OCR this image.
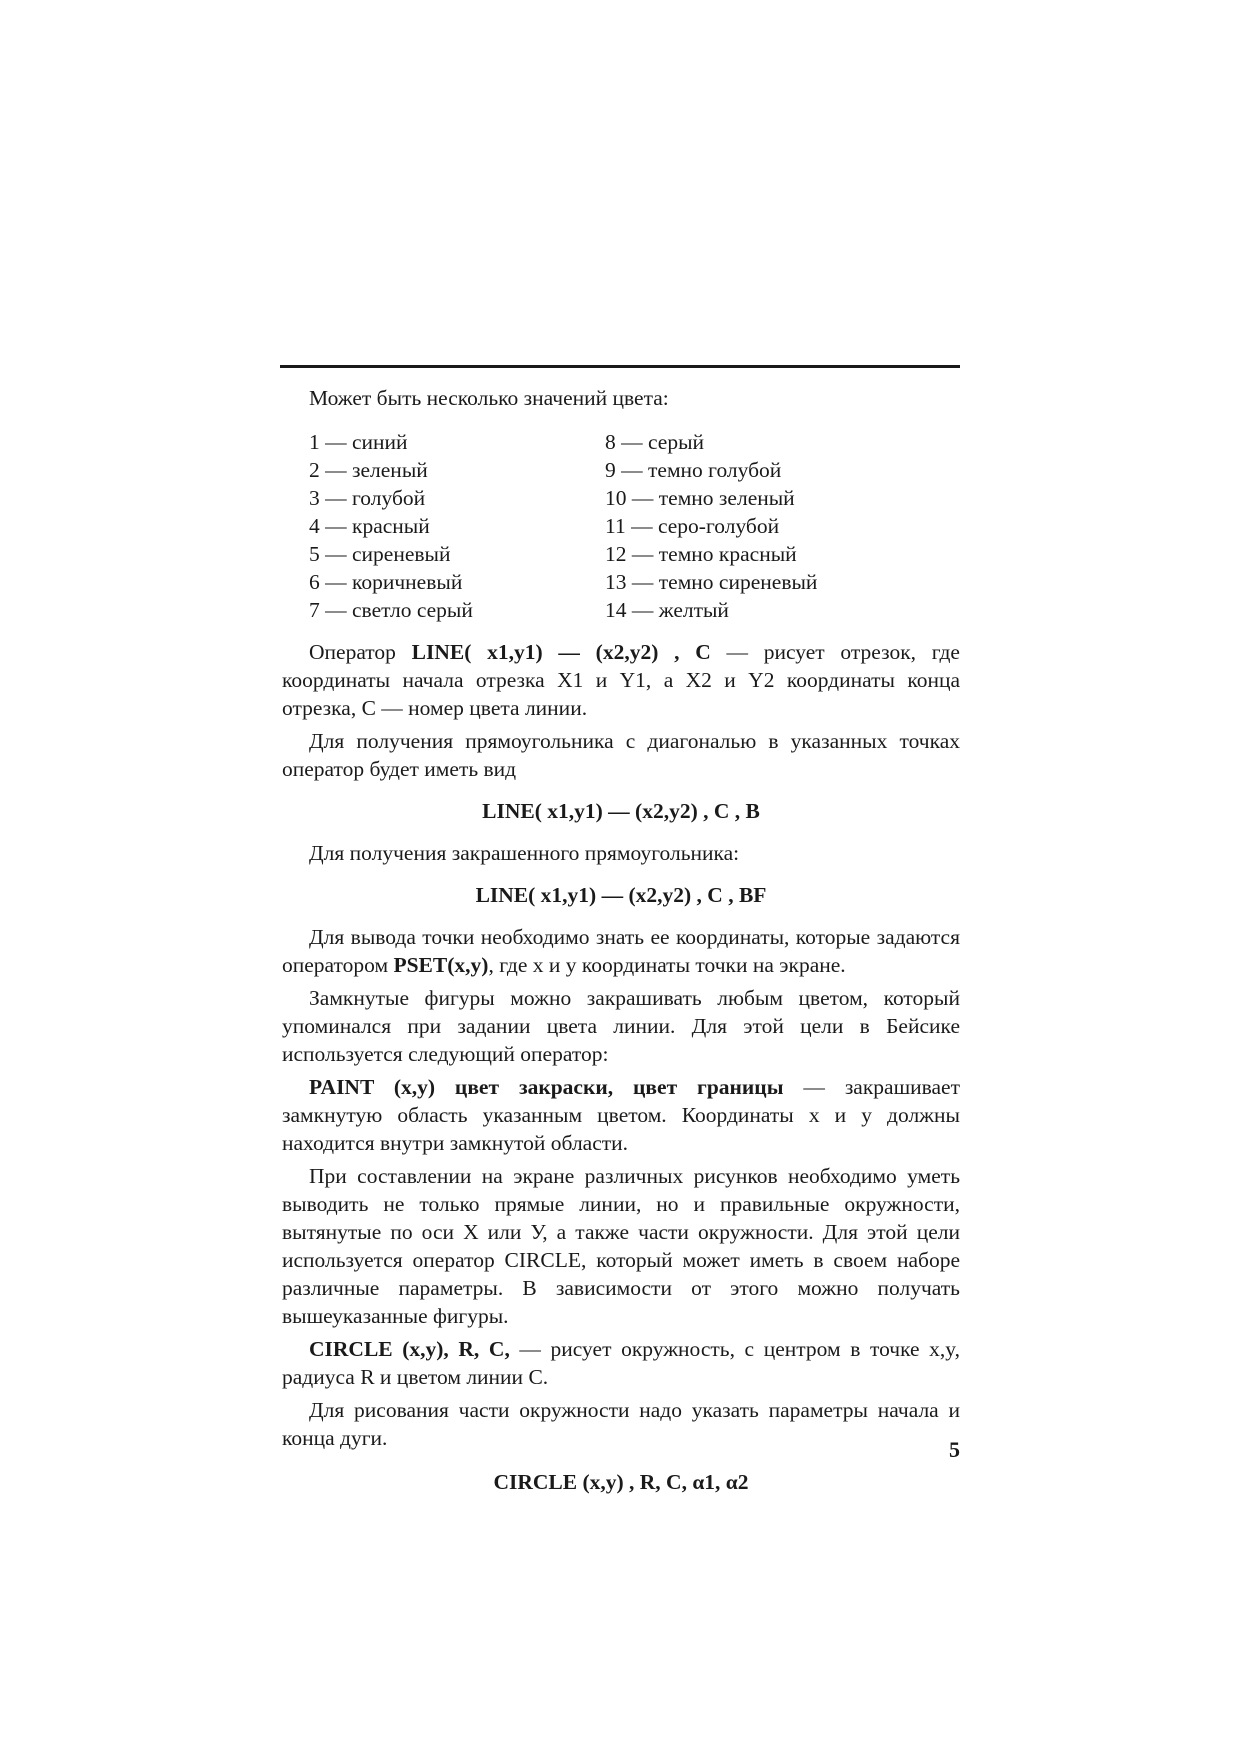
Может быть несколько значений цвета:

1 — синий
2 — зеленый
3 — голубой
4 — красный
5 — сиреневый
6 — коричневый
7 — светло серый
8 — серый
9 — темно голубой
10 — темно зеленый
11 — серо-голубой
12 — темно красный
13 — темно сиреневый
14 — желтый

Оператор LINE( x1,y1) — (x2,y2) , C — рисует отрезок, где координаты начала отрезка X1 и Y1, а X2 и Y2 координаты конца отрезка, C — номер цвета линии.

Для получения прямоугольника с диагональю в указанных точках оператор будет иметь вид

LINE( x1,y1) — (x2,y2) , C , B

Для получения закрашенного прямоугольника:

LINE( x1,y1) — (x2,y2) , C , BF

Для вывода точки необходимо знать ее координаты, которые задаются оператором PSET(x,y), где x и y координаты точки на экране.

Замкнутые фигуры можно закрашивать любым цветом, который упоминался при задании цвета линии. Для этой цели в Бейсике используется следующий оператор:

PAINT (x,y) цвет закраски, цвет границы — закрашивает замкнутую область указанным цветом. Координаты x и y должны находится внутри замкнутой области.

При составлении на экране различных рисунков необходимо уметь выводить не только прямые линии, но и правильные окружности, вытянутые по оси X или У, а также части окружности. Для этой цели используется оператор CIRCLE, который может иметь в своем наборе различные параметры. В зависимости от этого можно получать вышеуказанные фигуры.

CIRCLE (x,y), R, C, — рисует окружность, с центром в точке x,y, радиуса R и цветом линии C.

Для рисования части окружности надо указать параметры начала и конца дуги.

CIRCLE (x,y) , R, C, α1, α2

5
